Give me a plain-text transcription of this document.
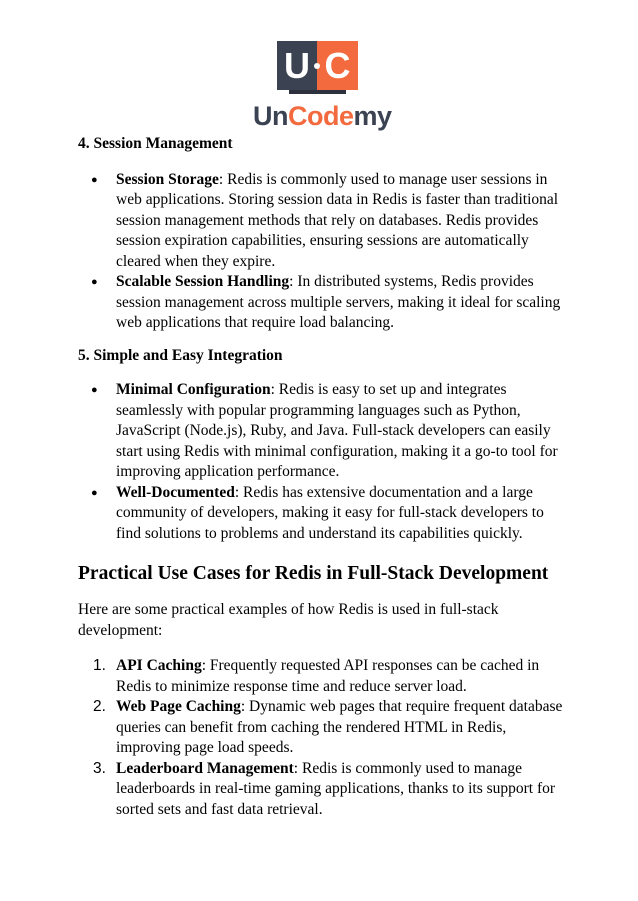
U C
UnCodemy

4. Session Management

● Session Storage: Redis is commonly used to manage user sessions in web applications. Storing session data in Redis is faster than traditional session management methods that rely on databases. Redis provides session expiration capabilities, ensuring sessions are automatically cleared when they expire.
● Scalable Session Handling: In distributed systems, Redis provides session management across multiple servers, making it ideal for scaling web applications that require load balancing.

5. Simple and Easy Integration

● Minimal Configuration: Redis is easy to set up and integrates seamlessly with popular programming languages such as Python, JavaScript (Node.js), Ruby, and Java. Full-stack developers can easily start using Redis with minimal configuration, making it a go-to tool for improving application performance.
● Well-Documented: Redis has extensive documentation and a large community of developers, making it easy for full-stack developers to find solutions to problems and understand its capabilities quickly.

Practical Use Cases for Redis in Full-Stack Development

Here are some practical examples of how Redis is used in full-stack development:

1. API Caching: Frequently requested API responses can be cached in Redis to minimize response time and reduce server load.
2. Web Page Caching: Dynamic web pages that require frequent database queries can benefit from caching the rendered HTML in Redis, improving page load speeds.
3. Leaderboard Management: Redis is commonly used to manage leaderboards in real-time gaming applications, thanks to its support for sorted sets and fast data retrieval.
